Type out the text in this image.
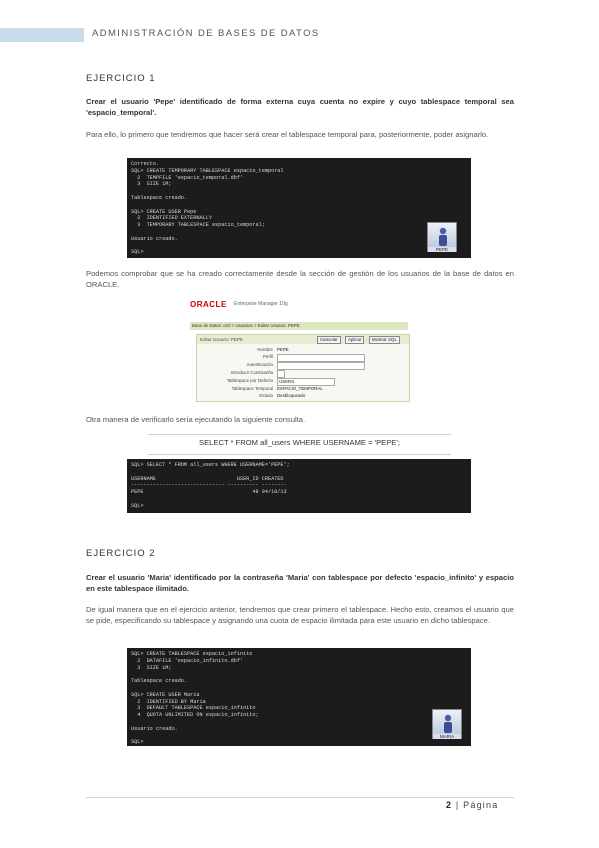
ADMINISTRACIÓN DE BASES DE DATOS
EJERCICIO 1
Crear el usuario 'Pepe' identificado de forma externa cuya cuenta no expire y cuyo tablespace temporal sea 'espacio_temporal'.
Para ello, lo primero que tendremos que hacer será crear el tablespace temporal para, posteriormente, poder asignarlo.
Correcto.
SQL> CREATE TEMPORARY TABLESPACE espacio_temporal
2  TEMPFILE 'espacio_temporal.dbf'
3  SIZE 1M;

Tablespace creado.

SQL> CREATE USER Pepe
2  IDENTIFIED EXTERNALLY
3  TEMPORARY TABLESPACE espacio_temporal;

Usuario creado.

SQL>	PEPE
Podemos comprobar que se ha creado correctamente desde la sección de gestión de los usuarios de la base de datos en ORACLE.
ORACLE Enterprise Manager 10g
Base de Datos: orcl > Usuarios > Editar Usuario: PEPE
Editar Usuario: PEPE	Cancelar	Aplicar	Mostrar SQL
Nombre PEPE
Perfil
Autenticación
Introducir Contraseña
Tablespace por Defecto USERS
Tablespace Temporal ESPACIO_TEMPORAL
Estado Desbloqueado
Otra manera de verificarlo sería ejecutando la siguiente consulta.
SELECT * FROM all_users WHERE USERNAME = 'PEPE';
SQL> SELECT * FROM all_users WHERE USERNAME='PEPE';

USERNAME                          USER_ID CREATED
------------------------------ ---------- --------
PEPE                                   48 04/10/13

SQL>
EJERCICIO 2
Crear el usuario 'Maria' identificado por la contraseña 'Maria' con tablespace por defecto 'espacio_infinito' y espacio en este tablespace ilimitado.
De igual manera que en el ejercicio anterior, tendremos que crear primero el tablespace. Hecho esto, creamos el usuario que se pide, especificando su tablespace y asignando una cuota de espacio ilimitada para este usuario en dicho tablespace.
SQL> CREATE TABLESPACE espacio_infinito
2  DATAFILE 'espacio_infinito.dbf'
3  SIZE 1M;

Tablespace creado.

SQL> CREATE USER Maria
2  IDENTIFIED BY Maria
3  DEFAULT TABLESPACE espacio_infinito
4  QUOTA UNLIMITED ON espacio_infinito;

Usuario creado.

SQL>
MARIA
2 | Página
